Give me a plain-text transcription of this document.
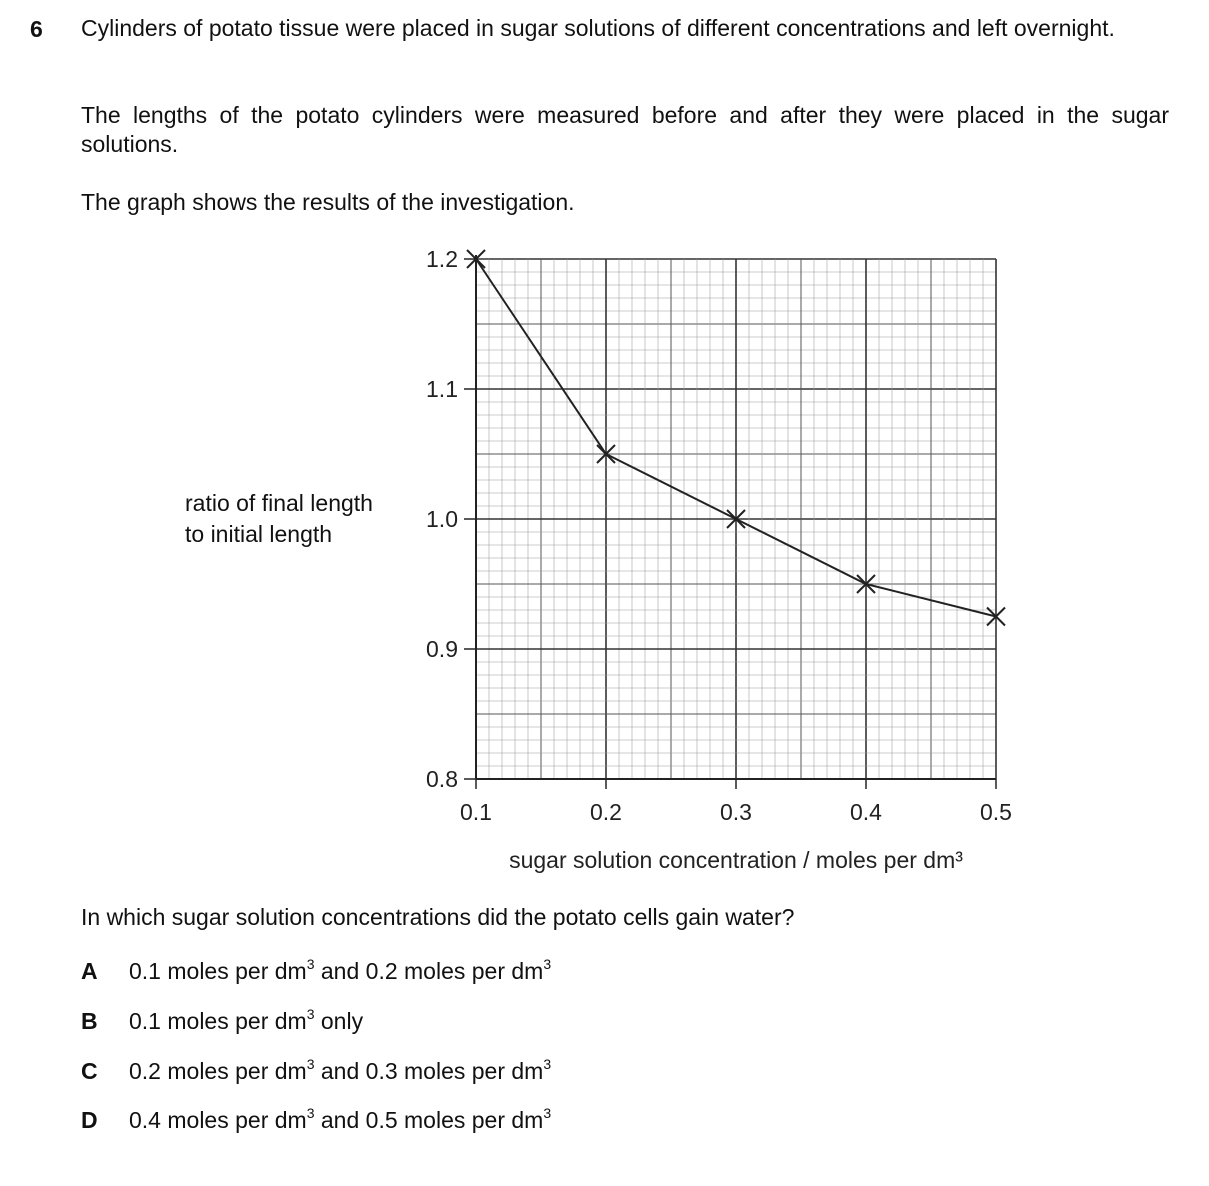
6 Cylinders of potato tissue were placed in sugar solutions of different concentrations and left overnight.
The lengths of the potato cylinders were measured before and after they were placed in the sugar solutions.
The graph shows the results of the investigation.
ratio of final length
to initial length
0.8
0.9
1.0
1.1
1.2
0.1	0.2	0.3	0.4	0.5
sugar solution concentration / moles per dm³
In which sugar solution concentrations did the potato cells gain water?
A 0.1 moles per $dm^3$ and 0.2 moles per $dm^3$
B 0.1 moles per $dm^3$ only
C 0.2 moles per $dm^3$ and 0.3 moles per $dm^3$
D 0.4 moles per $dm^3$ and 0.5 moles per $dm^3$
